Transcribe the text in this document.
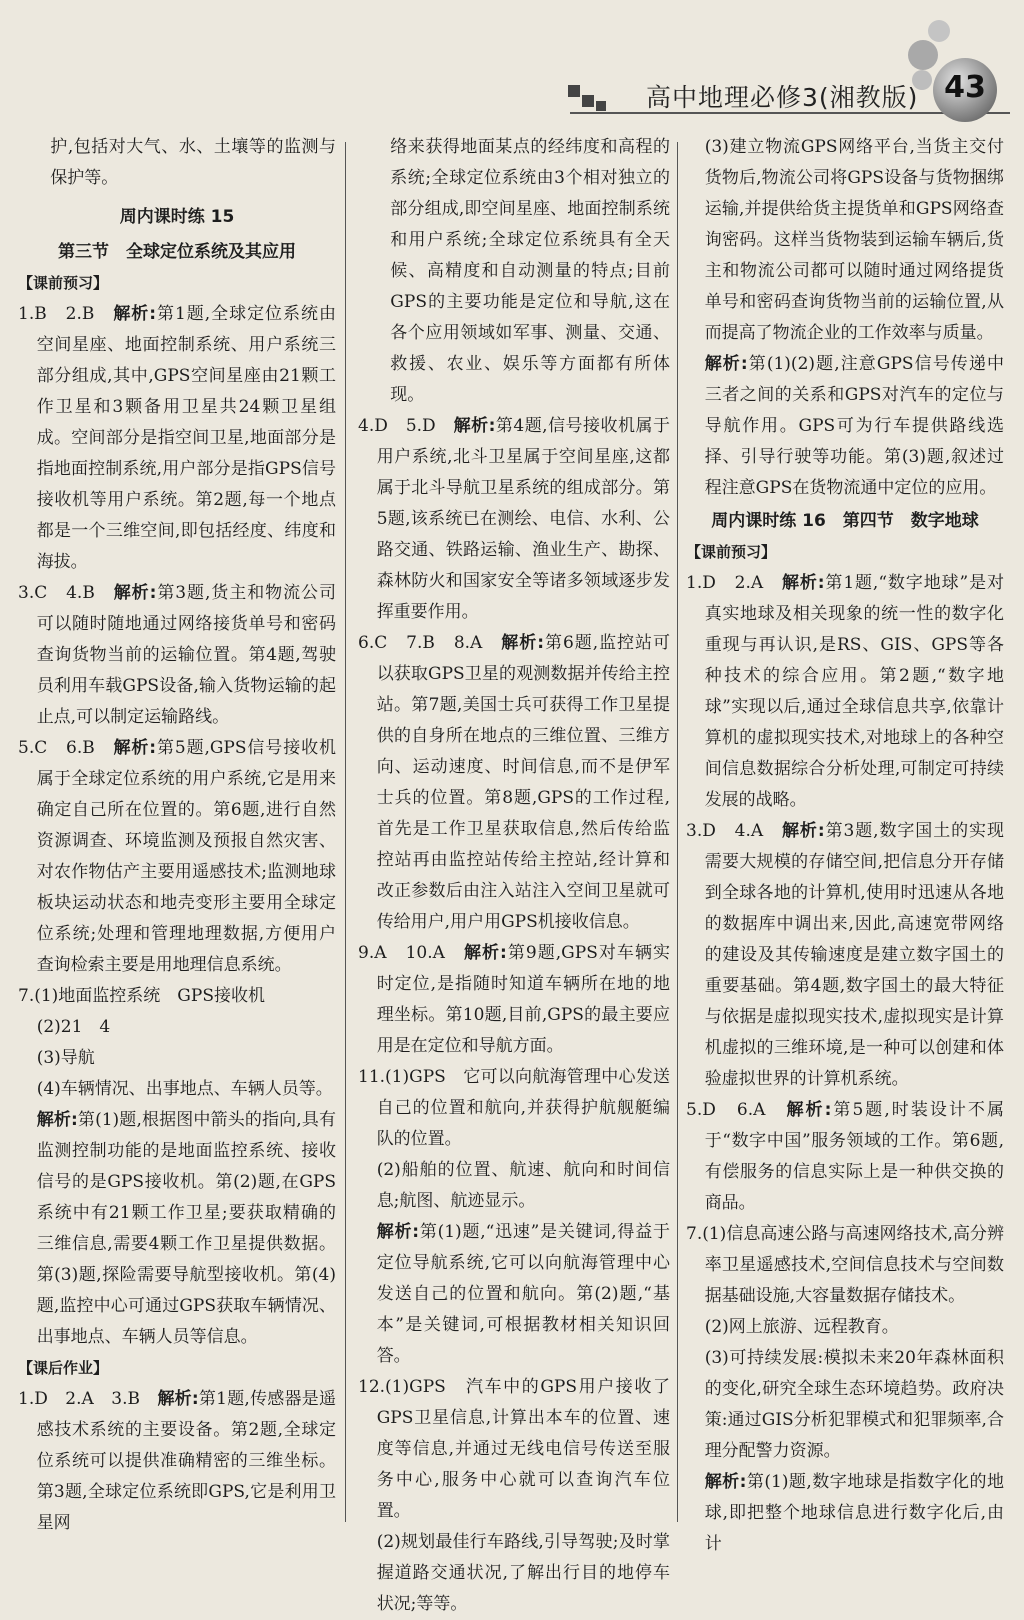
高中地理必修3(湘教版) 43

护,包括对大气、水、土壤等的监测与保护等。

周内课时练 15

第三节　全球定位系统及其应用

【课前预习】

1.B　2.B　解析:第1题,全球定位系统由空间星座、地面控制系统、用户系统三部分组成,其中,GPS空间星座由21颗工作卫星和3颗备用卫星共24颗卫星组成。空间部分是指空间卫星,地面部分是指地面控制系统,用户部分是指GPS信号接收机等用户系统。第2题,每一个地点都是一个三维空间,即包括经度、纬度和海拔。

3.C　4.B　解析:第3题,货主和物流公司可以随时随地通过网络接货单号和密码查询货物当前的运输位置。第4题,驾驶员利用车载GPS设备,输入货物运输的起止点,可以制定运输路线。

5.C　6.B　解析:第5题,GPS信号接收机属于全球定位系统的用户系统,它是用来确定自己所在位置的。第6题,进行自然资源调查、环境监测及预报自然灾害、对农作物估产主要用遥感技术;监测地球板块运动状态和地壳变形主要用全球定位系统;处理和管理地理数据,方便用户查询检索主要是用地理信息系统。

7.(1)地面监控系统　GPS接收机

(2)21　4

(3)导航

(4)车辆情况、出事地点、车辆人员等。

解析:第(1)题,根据图中箭头的指向,具有监测控制功能的是地面监控系统、接收信号的是GPS接收机。第(2)题,在GPS系统中有21颗工作卫星;要获取精确的三维信息,需要4颗工作卫星提供数据。第(3)题,探险需要导航型接收机。第(4)题,监控中心可通过GPS获取车辆情况、出事地点、车辆人员等信息。

【课后作业】

1.D　2.A　3.B　解析:第1题,传感器是遥感技术系统的主要设备。第2题,全球定位系统可以提供准确精密的三维坐标。第3题,全球定位系统即GPS,它是利用卫星网

络来获得地面某点的经纬度和高程的系统;全球定位系统由3个相对独立的部分组成,即空间星座、地面控制系统和用户系统;全球定位系统具有全天候、高精度和自动测量的特点;目前GPS的主要功能是定位和导航,这在各个应用领域如军事、测量、交通、救援、农业、娱乐等方面都有所体现。

4.D　5.D　解析:第4题,信号接收机属于用户系统,北斗卫星属于空间星座,这都属于北斗导航卫星系统的组成部分。第5题,该系统已在测绘、电信、水利、公路交通、铁路运输、渔业生产、勘探、森林防火和国家安全等诸多领域逐步发挥重要作用。

6.C　7.B　8.A　解析:第6题,监控站可以获取GPS卫星的观测数据并传给主控站。第7题,美国士兵可获得工作卫星提供的自身所在地点的三维位置、三维方向、运动速度、时间信息,而不是伊军士兵的位置。第8题,GPS的工作过程,首先是工作卫星获取信息,然后传给监控站再由监控站传给主控站,经计算和改正参数后由注入站注入空间卫星就可传给用户,用户用GPS机接收信息。

9.A　10.A　解析:第9题,GPS对车辆实时定位,是指随时知道车辆所在地的地理坐标。第10题,目前,GPS的最主要应用是在定位和导航方面。

11.(1)GPS　它可以向航海管理中心发送自己的位置和航向,并获得护航舰艇编队的位置。

(2)船舶的位置、航速、航向和时间信息;航图、航迹显示。

解析:第(1)题,“迅速”是关键词,得益于定位导航系统,它可以向航海管理中心发送自己的位置和航向。第(2)题,“基本”是关键词,可根据教材相关知识回答。

12.(1)GPS　汽车中的GPS用户接收了GPS卫星信息,计算出本车的位置、速度等信息,并通过无线电信号传送至服务中心,服务中心就可以查询汽车位置。

(2)规划最佳行车路线,引导驾驶;及时掌握道路交通状况,了解出行目的地停车状况;等等。

(3)建立物流GPS网络平台,当货主交付货物后,物流公司将GPS设备与货物捆绑运输,并提供给货主提货单和GPS网络查询密码。这样当货物装到运输车辆后,货主和物流公司都可以随时通过网络提货单号和密码查询货物当前的运输位置,从而提高了物流企业的工作效率与质量。

解析:第(1)(2)题,注意GPS信号传递中三者之间的关系和GPS对汽车的定位与导航作用。GPS可为行车提供路线选择、引导行驶等功能。第(3)题,叙述过程注意GPS在货物流通中定位的应用。

周内课时练 16　第四节　数字地球

【课前预习】

1.D　2.A　解析:第1题,“数字地球”是对真实地球及相关现象的统一性的数字化重现与再认识,是RS、GIS、GPS等各种技术的综合应用。第2题,“数字地球”实现以后,通过全球信息共享,依靠计算机的虚拟现实技术,对地球上的各种空间信息数据综合分析处理,可制定可持续发展的战略。

3.D　4.A　解析:第3题,数字国土的实现需要大规模的存储空间,把信息分开存储到全球各地的计算机,使用时迅速从各地的数据库中调出来,因此,高速宽带网络的建设及其传输速度是建立数字国土的重要基础。第4题,数字国土的最大特征与依据是虚拟现实技术,虚拟现实是计算机虚拟的三维环境,是一种可以创建和体验虚拟世界的计算机系统。

5.D　6.A　解析:第5题,时装设计不属于“数字中国”服务领域的工作。第6题,有偿服务的信息实际上是一种供交换的商品。

7.(1)信息高速公路与高速网络技术,高分辨率卫星遥感技术,空间信息技术与空间数据基础设施,大容量数据存储技术。

(2)网上旅游、远程教育。

(3)可持续发展:模拟未来20年森林面积的变化,研究全球生态环境趋势。政府决策:通过GIS分析犯罪模式和犯罪频率,合理分配警力资源。

解析:第(1)题,数字地球是指数字化的地球,即把整个地球信息进行数字化后,由计
